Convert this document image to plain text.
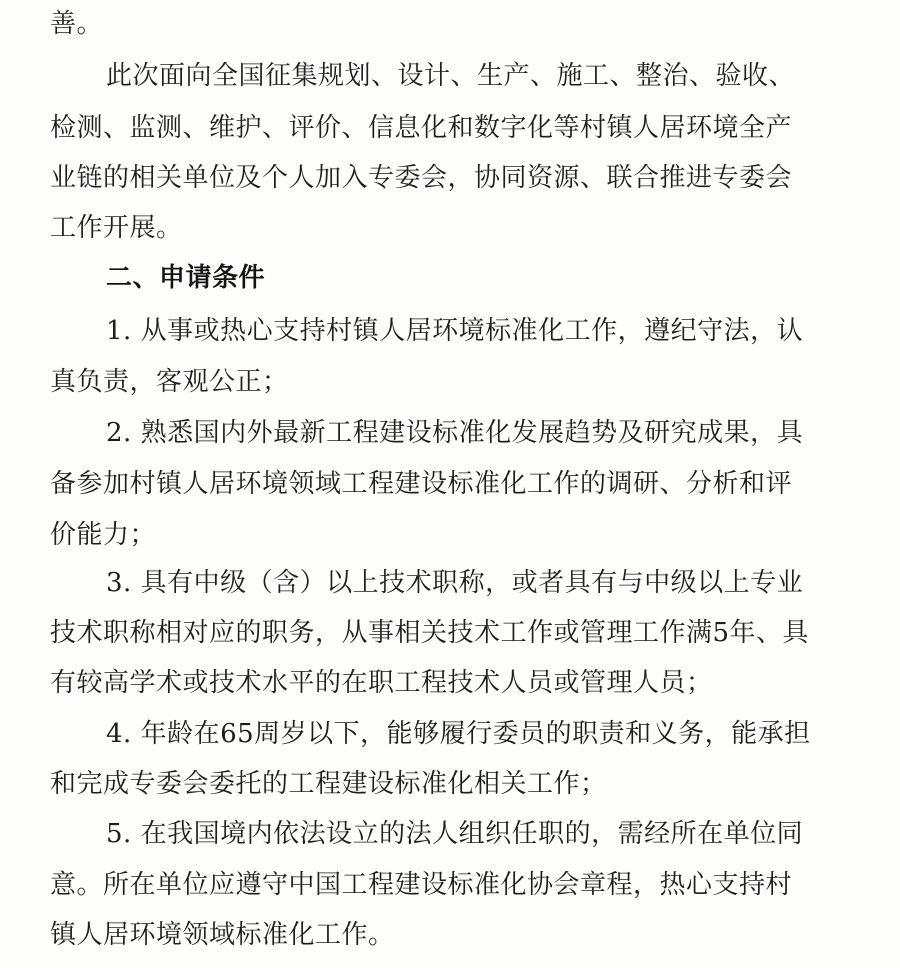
善。

此次面向全国征集规划、设计、生产、施工、整治、验收、

检测、监测、维护、评价、信息化和数字化等村镇人居环境全产

业链的相关单位及个人加入专委会，协同资源、联合推进专委会

工作开展。

二、申请条件

1. 从事或热心支持村镇人居环境标准化工作，遵纪守法，认

真负责，客观公正；

2. 熟悉国内外最新工程建设标准化发展趋势及研究成果，具

备参加村镇人居环境领域工程建设标准化工作的调研、分析和评

价能力；

3. 具有中级（含）以上技术职称，或者具有与中级以上专业

技术职称相对应的职务，从事相关技术工作或管理工作满5年、具

有较高学术或技术水平的在职工程技术人员或管理人员；

4. 年龄在65周岁以下，能够履行委员的职责和义务，能承担

和完成专委会委托的工程建设标准化相关工作；

5. 在我国境内依法设立的法人组织任职的，需经所在单位同

意。所在单位应遵守中国工程建设标准化协会章程，热心支持村

镇人居环境领域标准化工作。
